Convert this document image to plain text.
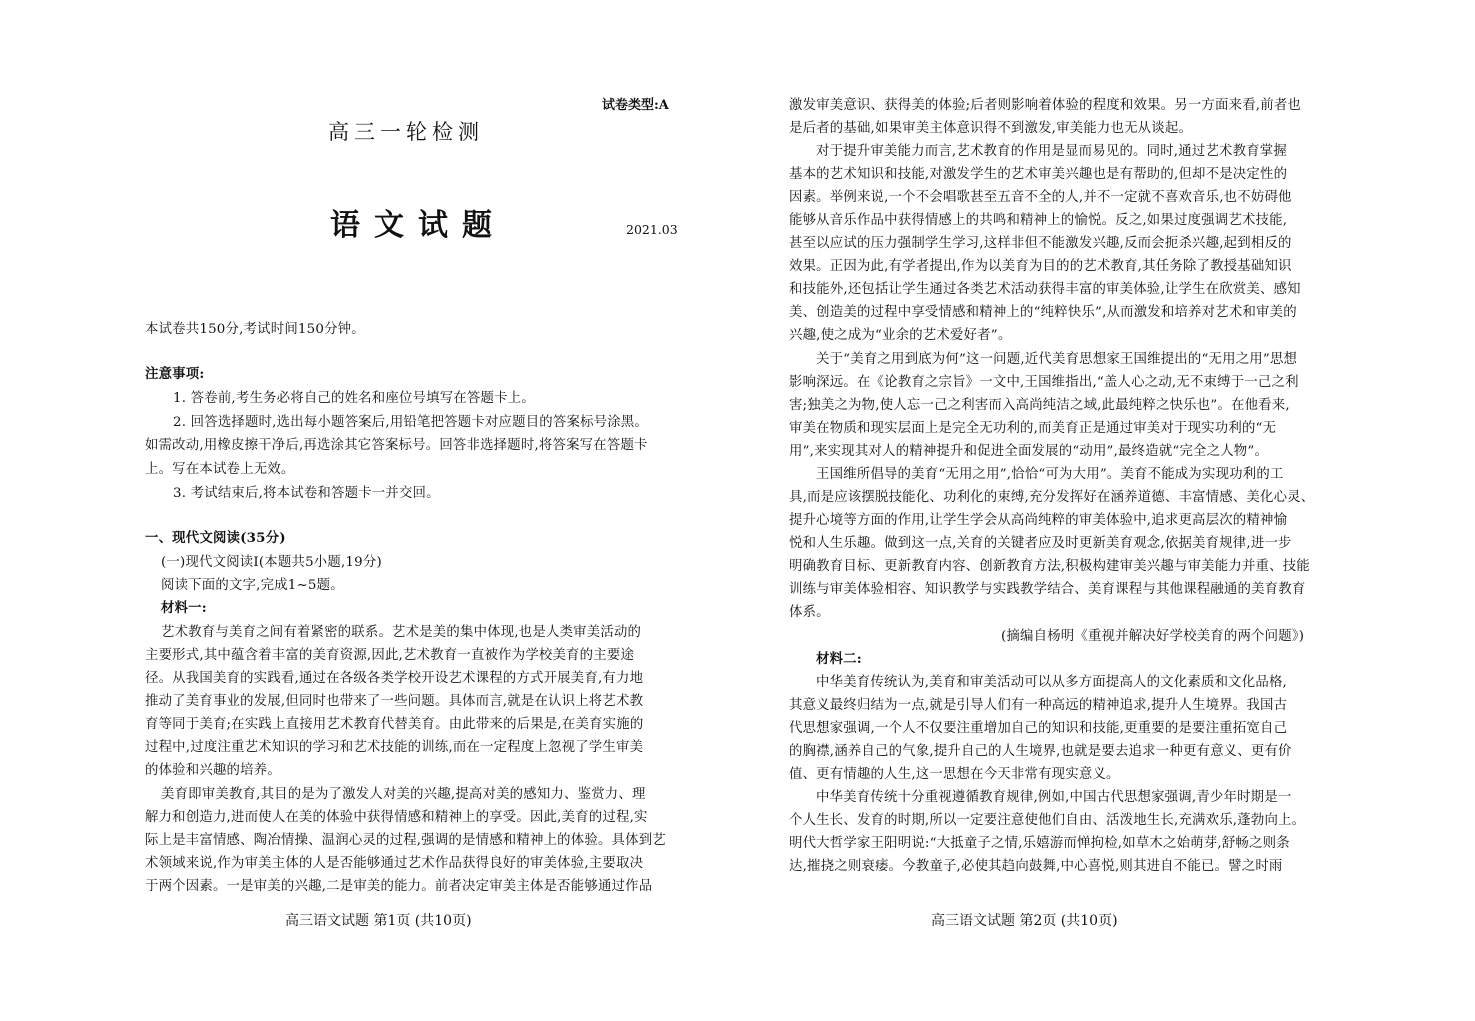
试卷类型:A
高三一轮检测
语文试题	2021.03
本试卷共150分,考试时间150分钟。
注意事项:
1. 答卷前,考生务必将自己的姓名和座位号填写在答题卡上。
2. 回答选择题时,选出每小题答案后,用铅笔把答题卡对应题目的答案标号涂黑。
如需改动,用橡皮擦干净后,再选涂其它答案标号。回答非选择题时,将答案写在答题卡
上。写在本试卷上无效。
3. 考试结束后,将本试卷和答题卡一并交回。
一、现代文阅读(35分)
(一)现代文阅读Ⅰ(本题共5小题,19分)
阅读下面的文字,完成1~5题。
材料一:
艺术教育与美育之间有着紧密的联系。艺术是美的集中体现,也是人类审美活动的
主要形式,其中蕴含着丰富的美育资源,因此,艺术教育一直被作为学校美育的主要途
径。从我国美育的实践看,通过在各级各类学校开设艺术课程的方式开展美育,有力地
推动了美育事业的发展,但同时也带来了一些问题。具体而言,就是在认识上将艺术教
育等同于美育;在实践上直接用艺术教育代替美育。由此带来的后果是,在美育实施的
过程中,过度注重艺术知识的学习和艺术技能的训练,而在一定程度上忽视了学生审美
的体验和兴趣的培养。
美育即审美教育,其目的是为了激发人对美的兴趣,提高对美的感知力、鉴赏力、理
解力和创造力,进而使人在美的体验中获得情感和精神上的享受。因此,美育的过程,实
际上是丰富情感、陶冶情操、温润心灵的过程,强调的是情感和精神上的体验。具体到艺
术领域来说,作为审美主体的人是否能够通过艺术作品获得良好的审美体验,主要取决
于两个因素。一是审美的兴趣,二是审美的能力。前者决定审美主体是否能够通过作品
高三语文试题 第1页 (共10页)
激发审美意识、获得美的体验;后者则影响着体验的程度和效果。另一方面来看,前者也
是后者的基础,如果审美主体意识得不到激发,审美能力也无从谈起。
对于提升审美能力而言,艺术教育的作用是显而易见的。同时,通过艺术教育掌握
基本的艺术知识和技能,对激发学生的艺术审美兴趣也是有帮助的,但却不是决定性的
因素。举例来说,一个不会唱歌甚至五音不全的人,并不一定就不喜欢音乐,也不妨碍他
能够从音乐作品中获得情感上的共鸣和精神上的愉悦。反之,如果过度强调艺术技能,
甚至以应试的压力强制学生学习,这样非但不能激发兴趣,反而会扼杀兴趣,起到相反的
效果。正因为此,有学者提出,作为以美育为目的的艺术教育,其任务除了教授基础知识
和技能外,还包括让学生通过各类艺术活动获得丰富的审美体验,让学生在欣赏美、感知
美、创造美的过程中享受情感和精神上的“纯粹快乐”,从而激发和培养对艺术和审美的
兴趣,使之成为“业余的艺术爱好者”。
关于“美育之用到底为何”这一问题,近代美育思想家王国维提出的“无用之用”思想
影响深远。在《论教育之宗旨》一文中,王国维指出,“盖人心之动,无不束缚于一己之利
害;独美之为物,使人忘一己之利害而入高尚纯洁之域,此最纯粹之快乐也”。在他看来,
审美在物质和现实层面上是完全无功利的,而美育正是通过审美对于现实功利的“无
用”,来实现其对人的精神提升和促进全面发展的“动用”,最终造就“完全之人物”。
王国维所倡导的美育“无用之用”,恰恰“可为大用”。美育不能成为实现功利的工
具,而是应该摆脱技能化、功利化的束缚,充分发挥好在涵养道德、丰富情感、美化心灵、
提升心境等方面的作用,让学生学会从高尚纯粹的审美体验中,追求更高层次的精神愉
悦和人生乐趣。做到这一点,关育的关键者应及时更新美育观念,依据美育规律,进一步
明确教育目标、更新教育内容、创新教育方法,积极构建审美兴趣与审美能力并重、技能
训练与审美体验相容、知识教学与实践教学结合、美育课程与其他课程融通的美育教育
体系。
(摘编自杨明《重视并解决好学校美育的两个问题》)
材料二:
中华美育传统认为,美育和审美活动可以从多方面提高人的文化素质和文化品格,
其意义最终归结为一点,就是引导人们有一种高远的精神追求,提升人生境界。我国古
代思想家强调,一个人不仅要注重增加自己的知识和技能,更重要的是要注重拓宽自己
的胸襟,涵养自己的气象,提升自己的人生境界,也就是要去追求一种更有意义、更有价
值、更有情趣的人生,这一思想在今天非常有现实意义。
中华美育传统十分重视遵循教育规律,例如,中国古代思想家强调,青少年时期是一
个人生长、发育的时期,所以一定要注意使他们自由、活泼地生长,充满欢乐,蓬勃向上。
明代大哲学家王阳明说:“大抵童子之情,乐嬉游而惮拘检,如草木之始萌芽,舒畅之则条
达,摧挠之则衰痿。今教童子,必使其趋向鼓舞,中心喜悦,则其进自不能已。譬之时雨
高三语文试题 第2页 (共10页)
